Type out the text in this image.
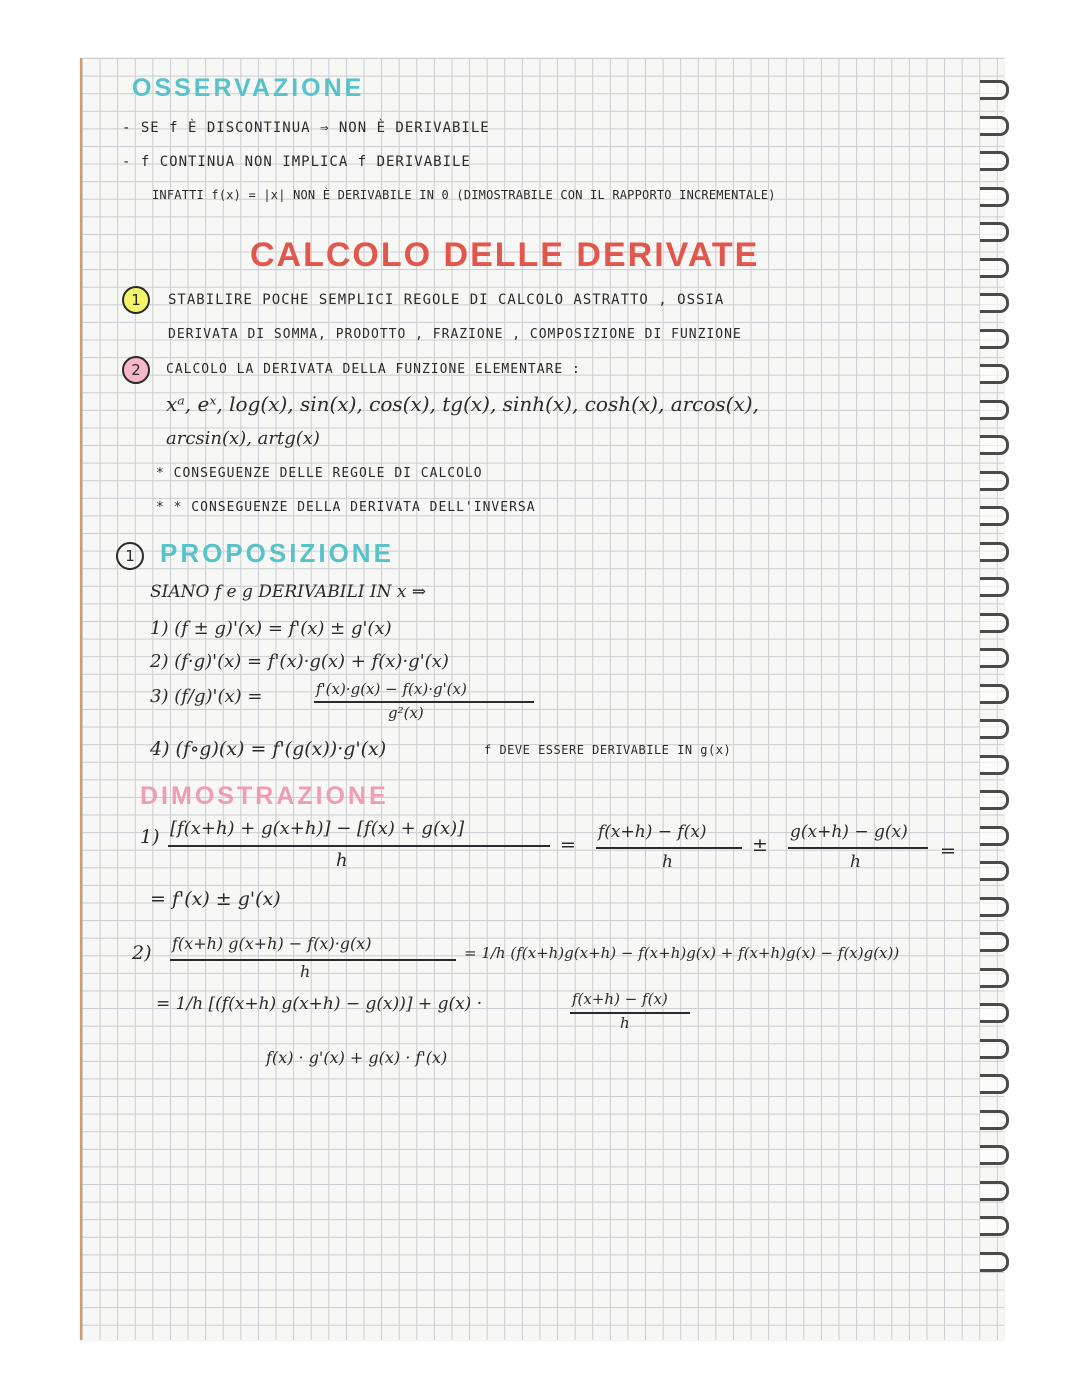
OSSERVAZIONE
- SE f È DISCONTINUA ⇒ NON È DERIVABILE
- f CONTINUA NON IMPLICA f DERIVABILE
INFATTI f(x) = |x| NON È DERIVABILE IN 0 (DIMOSTRABILE CON IL RAPPORTO INCREMENTALE)
CALCOLO DELLE DERIVATE
1	STABILIRE POCHE SEMPLICI REGOLE DI CALCOLO ASTRATTO , OSSIA
DERIVATA DI SOMMA, PRODOTTO , FRAZIONE , COMPOSIZIONE DI FUNZIONE
2	CALCOLO LA DERIVATA DELLA FUNZIONE ELEMENTARE :
xᵃ, eˣ, log(x), sin(x), cos(x), tg(x), sinh(x), cosh(x), arcos(x),
arcsin(x), artg(x)
* CONSEGUENZE DELLE REGOLE DI CALCOLO
* * CONSEGUENZE DELLA DERIVATA DELL'INVERSA
1 PROPOSIZIONE
SIANO f e g DERIVABILI IN x ⇒
1) (f ± g)'(x) = f'(x) ± g'(x)
2) (f·g)'(x) = f'(x)·g(x) + f(x)·g'(x)
3) (f/g)'(x) =	f'(x)·g(x) − f(x)·g'(x)
g²(x)
4) (f∘g)(x) = f'(g(x))·g'(x)	f DEVE ESSERE DERIVABILE IN g(x)
DIMOSTRAZIONE
1) [f(x+h) + g(x+h)] − [f(x) + g(x)]
h
=
f(x+h) − f(x)
h
±
g(x+h) − g(x)
h	=
= f'(x) ± g'(x)
2) f(x+h) g(x+h) − f(x)·g(x)
h
= 1/h (f(x+h)g(x+h) − f(x+h)g(x) + f(x+h)g(x) − f(x)g(x))
= 1/h [(f(x+h) g(x+h) − g(x))] + g(x) ·	f(x+h) − f(x)
h
f(x) · g'(x) + g(x) · f'(x)
